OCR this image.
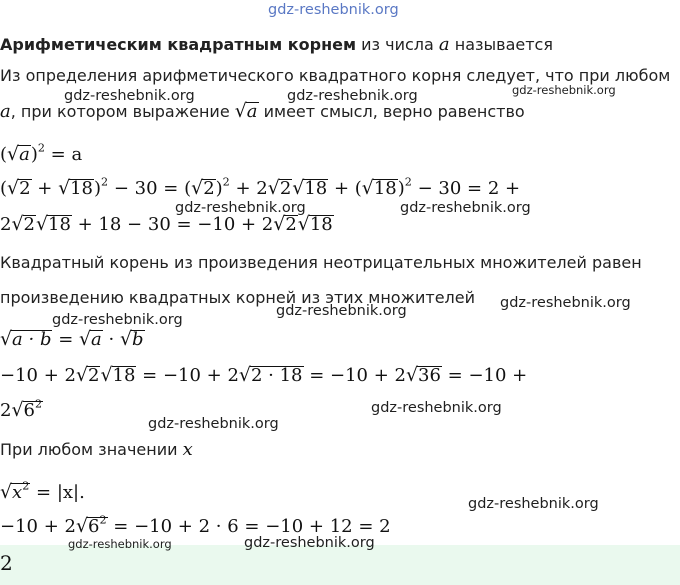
gdz-reshebnik.org
Арифметическим квадратным корнем из числа a называется
Из определения арифметического квадратного корня следует, что при любом
a, при котором выражение √a имеет смысл, верно равенство
gdz-reshebnik.org	gdz-reshebnik.org	gdz-reshebnik.org
$(√a)^2 = a$
$(√2 + √18)^2 - 30 = (√2)^2 + 2√2√18 + (√18)^2 - 30 = 2$ +
gdz-reshebnik.org	gdz-reshebnik.org
2√2√18 + 18 − 30 = −10 + 2√2√18
Квадратный корень из произведения неотрицательных множителей равен
произведению квадратных корней из этих множителей gdz-reshebnik.org
gdz-reshebnik.org
gdz-reshebnik.org
√a · b = √a · √b
−10 + 2√2√18 = −10 + 2√2 · 18 = −10 + 2√36 = −10 +
$2√6^2$	gdz-reshebnik.org
gdz-reshebnik.org
При любом значении x
$√x^2 = |x|$.
gdz-reshebnik.org
$-10 + 2√6^2 = -10 + 2 \cdot 6 = -10 + 12 = 2$
2
gdz-reshebnik.org	gdz-reshebnik.org
